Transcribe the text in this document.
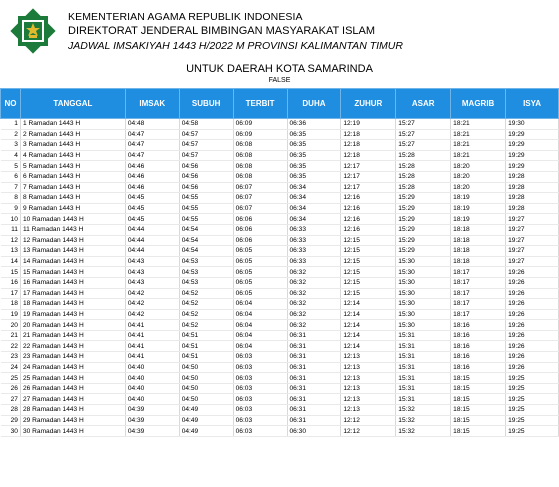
KEMENTERIAN AGAMA REPUBLIK INDONESIA
DIREKTORAT JENDERAL BIMBINGAN MASYARAKAT ISLAM
JADWAL IMSAKIYAH 1443 H/2022 M PROVINSI KALIMANTAN TIMUR
UNTUK DAERAH KOTA SAMARINDA
FALSE
NO	TANGGAL	IMSAK	SUBUH	TERBIT	DUHA	ZUHUR	ASAR	MAGRIB	ISYA
1	1 Ramadan 1443 H	04:48	04:58	06:09	06:36	12:19	15:27	18:21	19:30
2	2 Ramadan 1443 H	04:47	04:57	06:09	06:35	12:18	15:27	18:21	19:29
3	3 Ramadan 1443 H	04:47	04:57	06:08	06:35	12:18	15:27	18:21	19:29
4	4 Ramadan 1443 H	04:47	04:57	06:08	06:35	12:18	15:28	18:21	19:29
5	5 Ramadan 1443 H	04:46	04:56	06:08	06:35	12:17	15:28	18:20	19:29
6	6 Ramadan 1443 H	04:46	04:56	06:08	06:35	12:17	15:28	18:20	19:28
7	7 Ramadan 1443 H	04:46	04:56	06:07	06:34	12:17	15:28	18:20	19:28
8	8 Ramadan 1443 H	04:45	04:55	06:07	06:34	12:16	15:29	18:19	19:28
9	9 Ramadan 1443 H	04:45	04:55	06:07	06:34	12:16	15:29	18:19	19:28
10	10 Ramadan 1443 H	04:45	04:55	06:06	06:34	12:16	15:29	18:19	19:27
11	11 Ramadan 1443 H	04:44	04:54	06:06	06:33	12:16	15:29	18:18	19:27
12	12 Ramadan 1443 H	04:44	04:54	06:06	06:33	12:15	15:29	18:18	19:27
13	13 Ramadan 1443 H	04:44	04:54	06:05	06:33	12:15	15:29	18:18	19:27
14	14 Ramadan 1443 H	04:43	04:53	06:05	06:33	12:15	15:30	18:18	19:27
15	15 Ramadan 1443 H	04:43	04:53	06:05	06:32	12:15	15:30	18:17	19:26
16	16 Ramadan 1443 H	04:43	04:53	06:05	06:32	12:15	15:30	18:17	19:26
17	17 Ramadan 1443 H	04:42	04:52	06:05	06:32	12:15	15:30	18:17	19:26
18	18 Ramadan 1443 H	04:42	04:52	06:04	06:32	12:14	15:30	18:17	19:26
19	19 Ramadan 1443 H	04:42	04:52	06:04	06:32	12:14	15:30	18:17	19:26
20	20 Ramadan 1443 H	04:41	04:52	06:04	06:32	12:14	15:30	18:16	19:26
21	21 Ramadan 1443 H	04:41	04:51	06:04	06:31	12:14	15:31	18:16	19:26
22	22 Ramadan 1443 H	04:41	04:51	06:04	06:31	12:14	15:31	18:16	19:26
23	23 Ramadan 1443 H	04:41	04:51	06:03	06:31	12:13	15:31	18:16	19:26
24	24 Ramadan 1443 H	04:40	04:50	06:03	06:31	12:13	15:31	18:16	19:26
25	25 Ramadan 1443 H	04:40	04:50	06:03	06:31	12:13	15:31	18:15	19:25
26	26 Ramadan 1443 H	04:40	04:50	06:03	06:31	12:13	15:31	18:15	19:25
27	27 Ramadan 1443 H	04:40	04:50	06:03	06:31	12:13	15:31	18:15	19:25
28	28 Ramadan 1443 H	04:39	04:49	06:03	06:31	12:13	15:32	18:15	19:25
29	29 Ramadan 1443 H	04:39	04:49	06:03	06:31	12:12	15:32	18:15	19:25
30	30 Ramadan 1443 H	04:39	04:49	06:03	06:30	12:12	15:32	18:15	19:25
